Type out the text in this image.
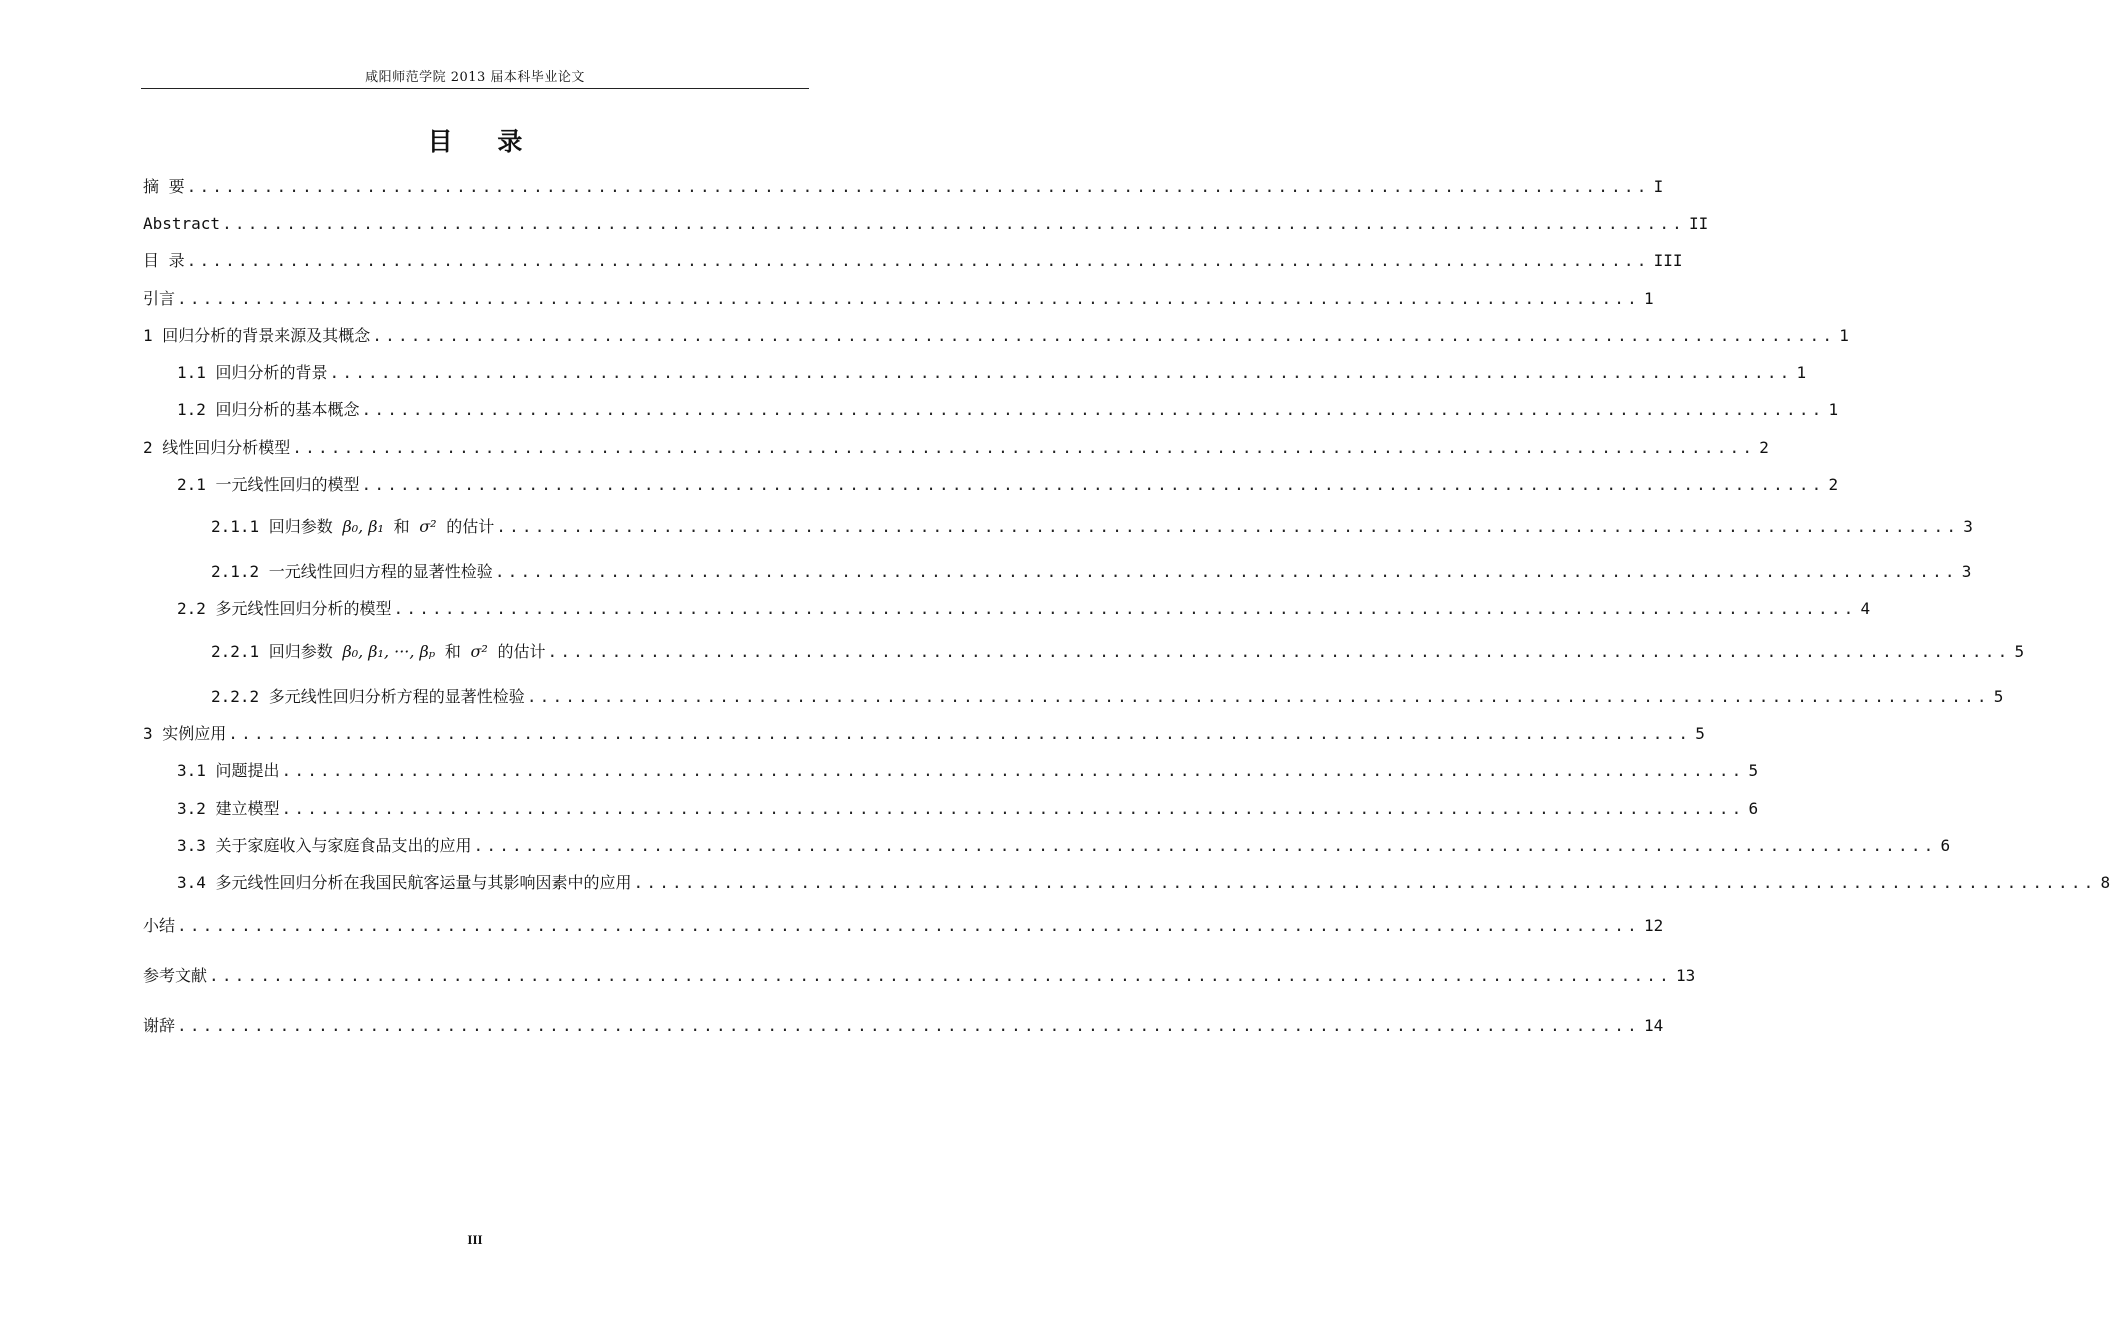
咸阳师范学院 2013 届本科毕业论文
目 录
摘 要 .................................................................................................................. I
Abstract .................................................................................................................. II
目 录 .................................................................................................................. III
引言 .................................................................................................................. 1
1 回归分析的背景来源及其概念 .................................................................................................................. 1
1.1 回归分析的背景 .................................................................................................................. 1
1.2 回归分析的基本概念 .................................................................................................................. 1
2 线性回归分析模型 .................................................................................................................. 2
2.1 一元线性回归的模型 .................................................................................................................. 2
2.1.1 回归参数 β₀, β₁ 和 σ² 的估计 .................................................................................................................. 3
2.1.2 一元线性回归方程的显著性检验 .................................................................................................................. 3
2.2 多元线性回归分析的模型 .................................................................................................................. 4
2.2.1 回归参数 β₀, β₁, ···, βₚ 和 σ² 的估计 .................................................................................................................. 5
2.2.2 多元线性回归分析方程的显著性检验 .................................................................................................................. 5
3 实例应用 .................................................................................................................. 5
3.1 问题提出 .................................................................................................................. 5
3.2 建立模型 .................................................................................................................. 6
3.3 关于家庭收入与家庭食品支出的应用 .................................................................................................................. 6
3.4 多元线性回归分析在我国民航客运量与其影响因素中的应用 .................................................................................................................. 8
小结 .................................................................................................................. 12
参考文献 .................................................................................................................. 13
谢辞 .................................................................................................................. 14
III
